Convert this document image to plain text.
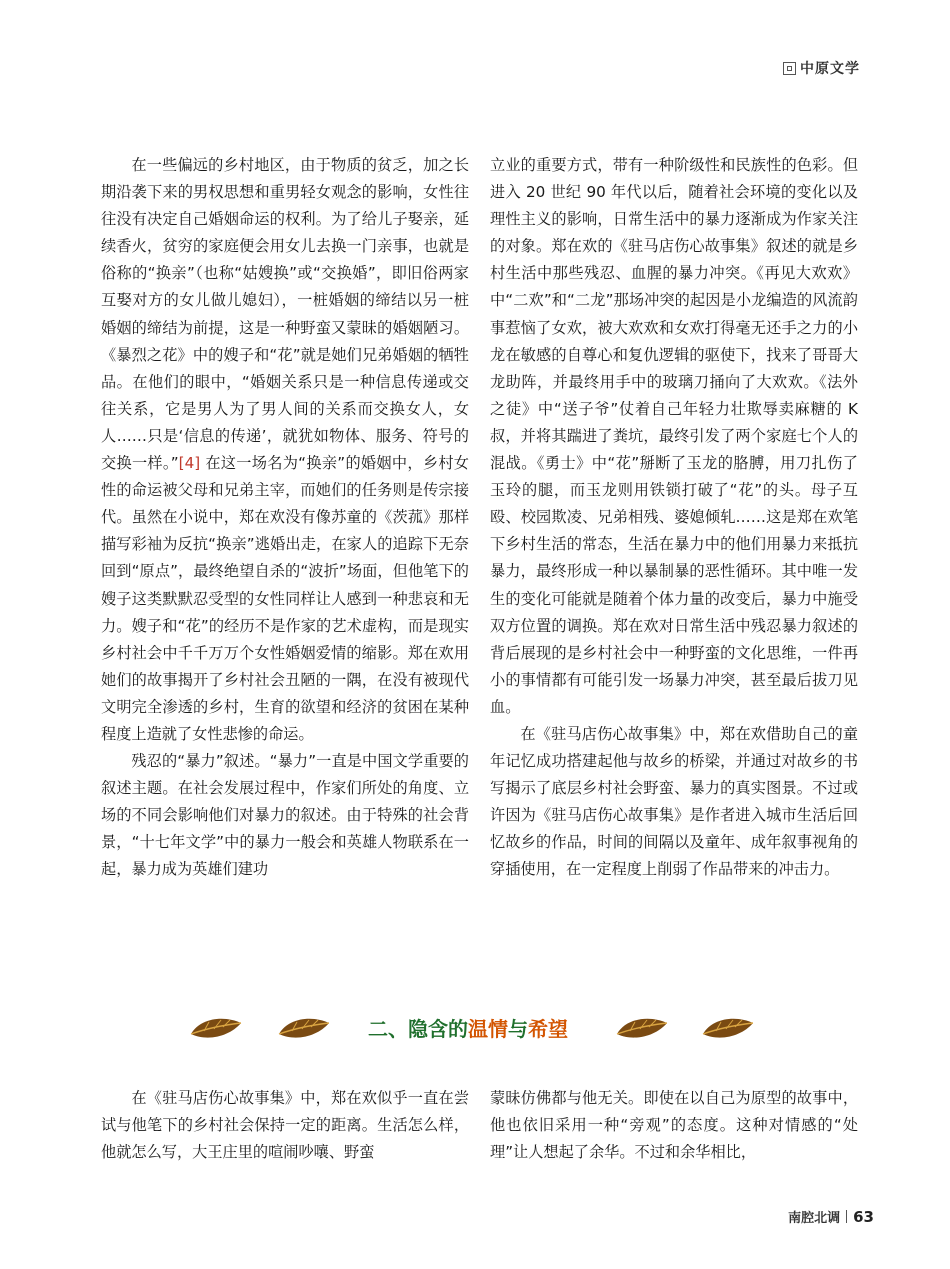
中原文学

在一些偏远的乡村地区，由于物质的贫乏，加之长期沿袭下来的男权思想和重男轻女观念的影响，女性往往没有决定自己婚姻命运的权利。为了给儿子娶亲，延续香火，贫穷的家庭便会用女儿去换一门亲事，也就是俗称的“换亲”（也称“姑嫂换”或“交换婚”，即旧俗两家互娶对方的女儿做儿媳妇），一桩婚姻的缔结以另一桩婚姻的缔结为前提，这是一种野蛮又蒙昧的婚姻陋习。《暴烈之花》中的嫂子和“花”就是她们兄弟婚姻的牺牲品。在他们的眼中，“婚姻关系只是一种信息传递或交往关系，它是男人为了男人间的关系而交换女人，女人……只是‘信息的传递’，就犹如物体、服务、符号的交换一样。”[4] 在这一场名为“换亲”的婚姻中，乡村女性的命运被父母和兄弟主宰，而她们的任务则是传宗接代。虽然在小说中，郑在欢没有像苏童的《茨菰》那样描写彩袖为反抗“换亲”逃婚出走，在家人的追踪下无奈回到“原点”，最终绝望自杀的“波折”场面，但他笔下的嫂子这类默默忍受型的女性同样让人感到一种悲哀和无力。嫂子和“花”的经历不是作家的艺术虚构，而是现实乡村社会中千千万万个女性婚姻爱情的缩影。郑在欢用她们的故事揭开了乡村社会丑陋的一隅，在没有被现代文明完全渗透的乡村，生育的欲望和经济的贫困在某种程度上造就了女性悲惨的命运。

残忍的“暴力”叙述。“暴力”一直是中国文学重要的叙述主题。在社会发展过程中，作家们所处的角度、立场的不同会影响他们对暴力的叙述。由于特殊的社会背景，“十七年文学”中的暴力一般会和英雄人物联系在一起，暴力成为英雄们建功

立业的重要方式，带有一种阶级性和民族性的色彩。但进入 20 世纪 90 年代以后，随着社会环境的变化以及理性主义的影响，日常生活中的暴力逐渐成为作家关注的对象。郑在欢的《驻马店伤心故事集》叙述的就是乡村生活中那些残忍、血腥的暴力冲突。《再见大欢欢》中“二欢”和“二龙”那场冲突的起因是小龙编造的风流韵事惹恼了女欢，被大欢欢和女欢打得毫无还手之力的小龙在敏感的自尊心和复仇逻辑的驱使下，找来了哥哥大龙助阵，并最终用手中的玻璃刀捅向了大欢欢。《法外之徒》中“送子爷”仗着自己年轻力壮欺辱卖麻糖的 K 叔，并将其踹进了粪坑，最终引发了两个家庭七个人的混战。《勇士》中“花”掰断了玉龙的胳膊，用刀扎伤了玉玲的腿，而玉龙则用铁锁打破了“花”的头。母子互殴、校园欺凌、兄弟相残、婆媳倾轧……这是郑在欢笔下乡村生活的常态，生活在暴力中的他们用暴力来抵抗暴力，最终形成一种以暴制暴的恶性循环。其中唯一发生的变化可能就是随着个体力量的改变后，暴力中施受双方位置的调换。郑在欢对日常生活中残忍暴力叙述的背后展现的是乡村社会中一种野蛮的文化思维，一件再小的事情都有可能引发一场暴力冲突，甚至最后拔刀见血。

在《驻马店伤心故事集》中，郑在欢借助自己的童年记忆成功搭建起他与故乡的桥梁，并通过对故乡的书写揭示了底层乡村社会野蛮、暴力的真实图景。不过或许因为《驻马店伤心故事集》是作者进入城市生活后回忆故乡的作品，时间的间隔以及童年、成年叙事视角的穿插使用，在一定程度上削弱了作品带来的冲击力。

二、隐含的温情与希望

在《驻马店伤心故事集》中，郑在欢似乎一直在尝试与他笔下的乡村社会保持一定的距离。生活怎么样，他就怎么写，大王庄里的喧闹吵嚷、野蛮

蒙昧仿佛都与他无关。即使在以自己为原型的故事中，他也依旧采用一种“旁观”的态度。这种对情感的“处理”让人想起了余华。不过和余华相比，

南腔北调 63
